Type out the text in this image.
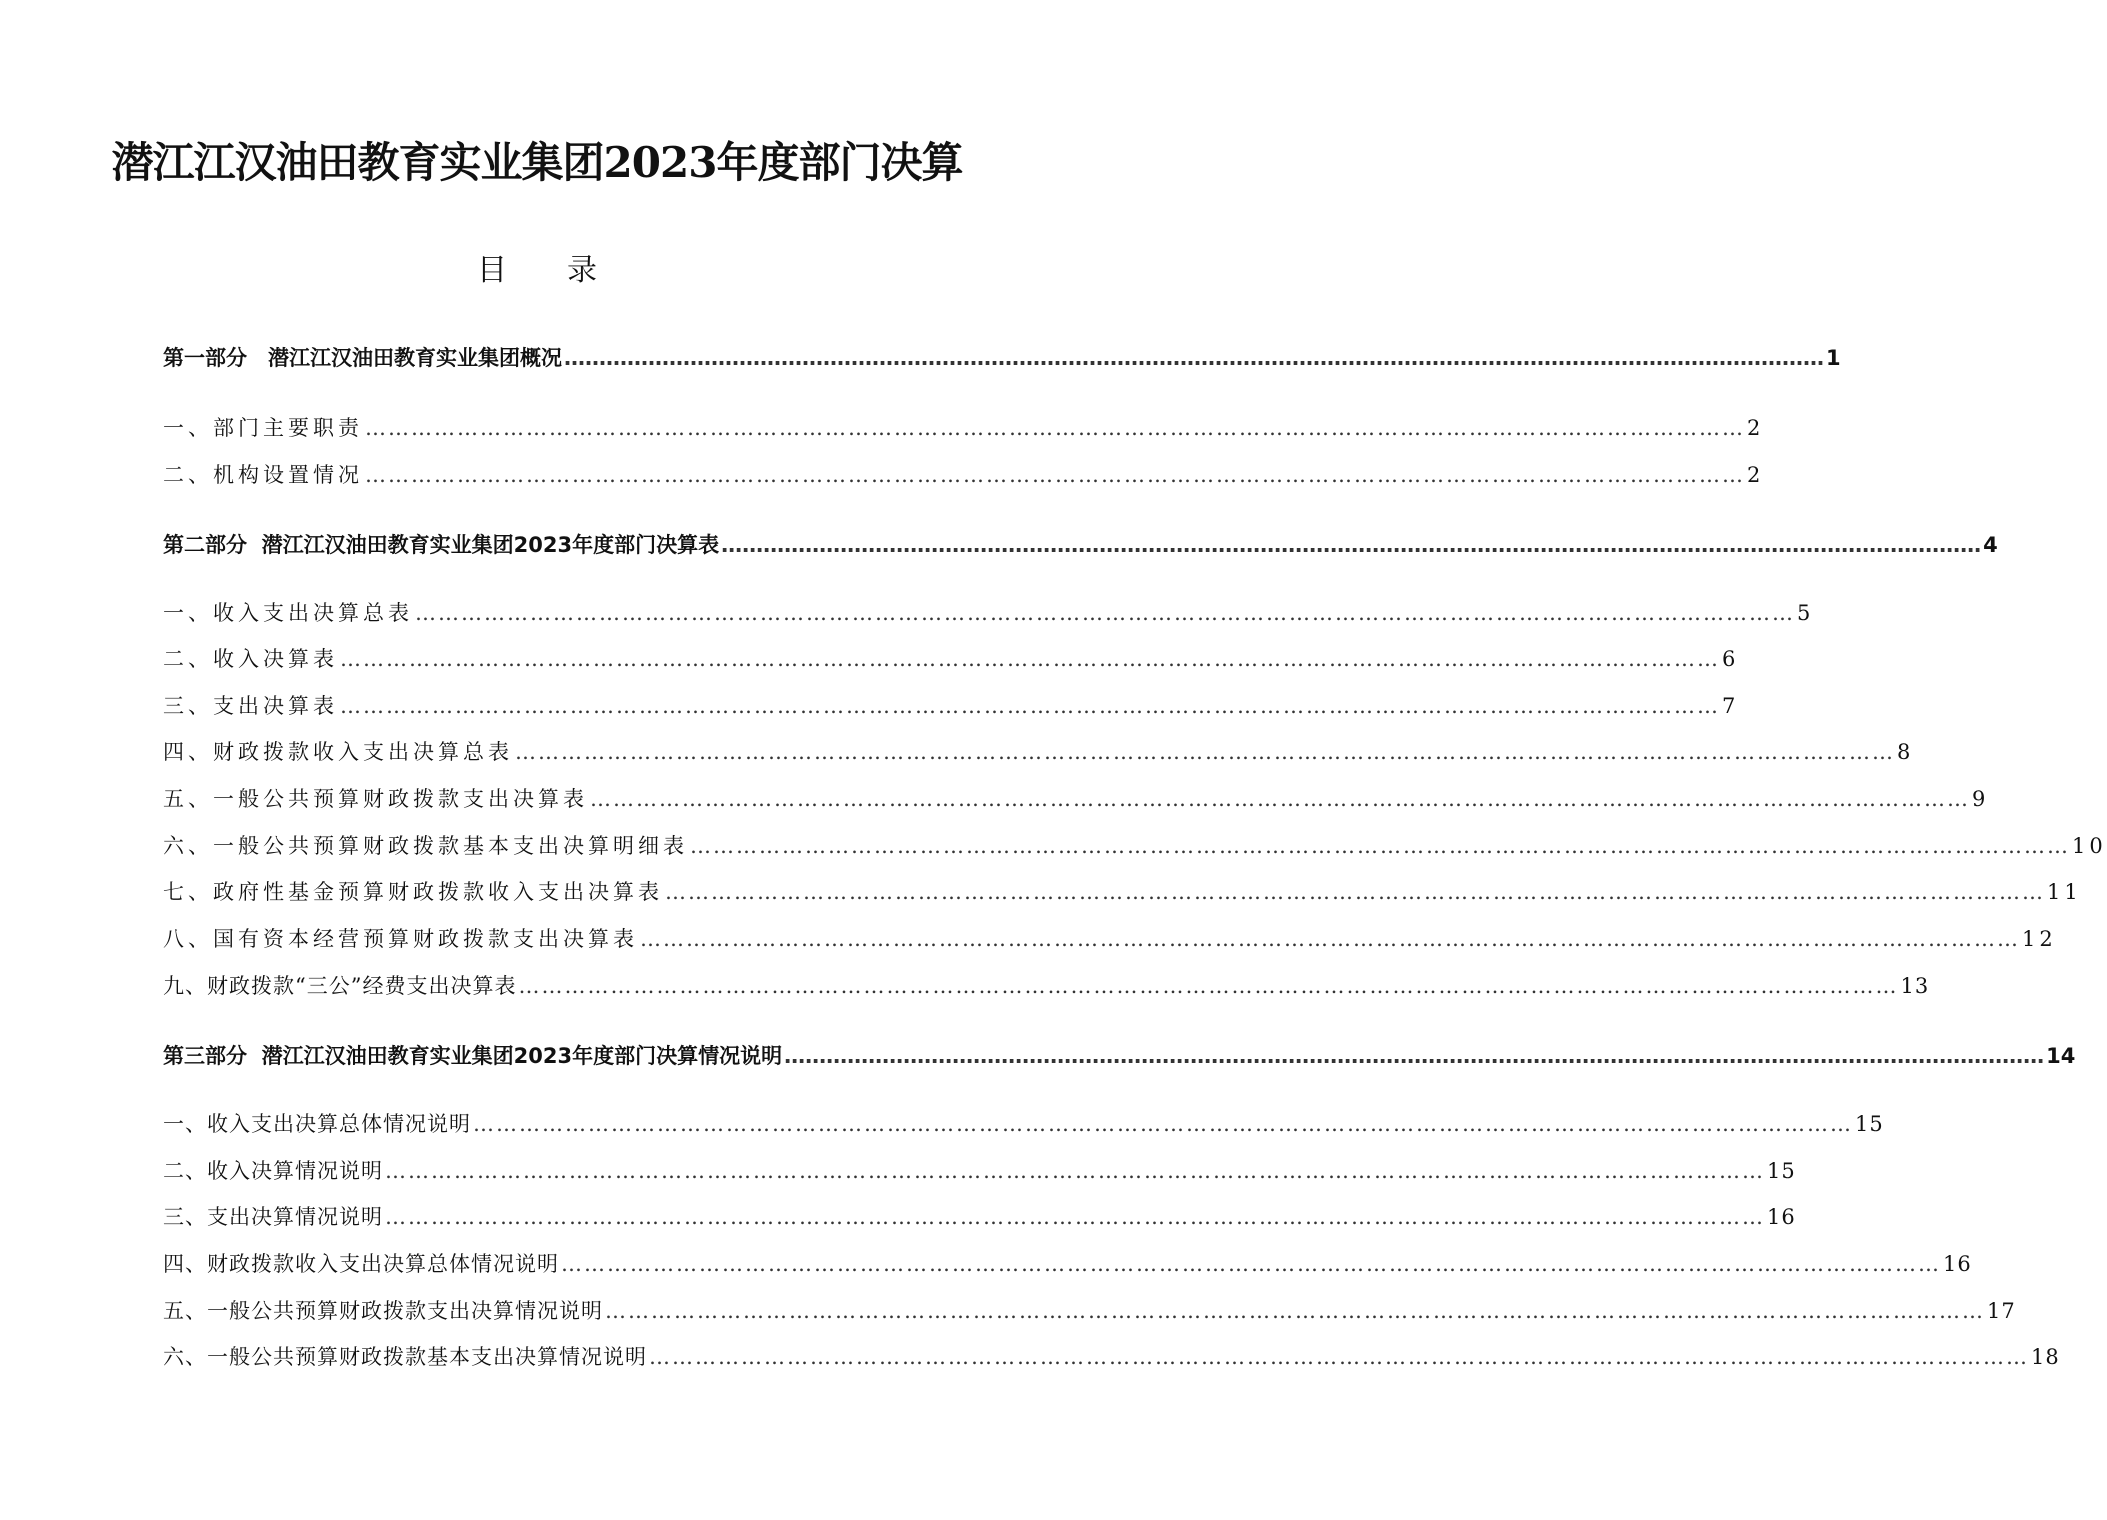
潜江江汉油田教育实业集团2023年度部门决算
目录
第一部分　潜江江汉油田教育实业集团概况 ……………………………………………………………………………………………………………………………………………………………… 1
一、部门主要职责 ……………………………………………………………………………………………………………………………………………………………… 2
二、机构设置情况 ……………………………………………………………………………………………………………………………………………………………… 2
第二部分  潜江江汉油田教育实业集团2023年度部门决算表 ……………………………………………………………………………………………………………………………………………………………… 4
一、收入支出决算总表 ……………………………………………………………………………………………………………………………………………………………… 5
二、收入决算表 ……………………………………………………………………………………………………………………………………………………………… 6
三、支出决算表 ……………………………………………………………………………………………………………………………………………………………… 7
四、财政拨款收入支出决算总表 ……………………………………………………………………………………………………………………………………………………………… 8
五、一般公共预算财政拨款支出决算表 ……………………………………………………………………………………………………………………………………………………………… 9
六、一般公共预算财政拨款基本支出决算明细表 ……………………………………………………………………………………………………………………………………………………………… 10
七、政府性基金预算财政拨款收入支出决算表 ……………………………………………………………………………………………………………………………………………………………… 11
八、国有资本经营预算财政拨款支出决算表 ……………………………………………………………………………………………………………………………………………………………… 12
九、财政拨款“三公”经费支出决算表 ……………………………………………………………………………………………………………………………………………………………… 13
第三部分  潜江江汉油田教育实业集团2023年度部门决算情况说明 ……………………………………………………………………………………………………………………………………………………………… 14
一、收入支出决算总体情况说明 ……………………………………………………………………………………………………………………………………………………………… 15
二、收入决算情况说明 ……………………………………………………………………………………………………………………………………………………………… 15
三、支出决算情况说明 ……………………………………………………………………………………………………………………………………………………………… 16
四、财政拨款收入支出决算总体情况说明 ……………………………………………………………………………………………………………………………………………………………… 16
五、一般公共预算财政拨款支出决算情况说明 ……………………………………………………………………………………………………………………………………………………………… 17
六、一般公共预算财政拨款基本支出决算情况说明 ……………………………………………………………………………………………………………………………………………………………… 18
